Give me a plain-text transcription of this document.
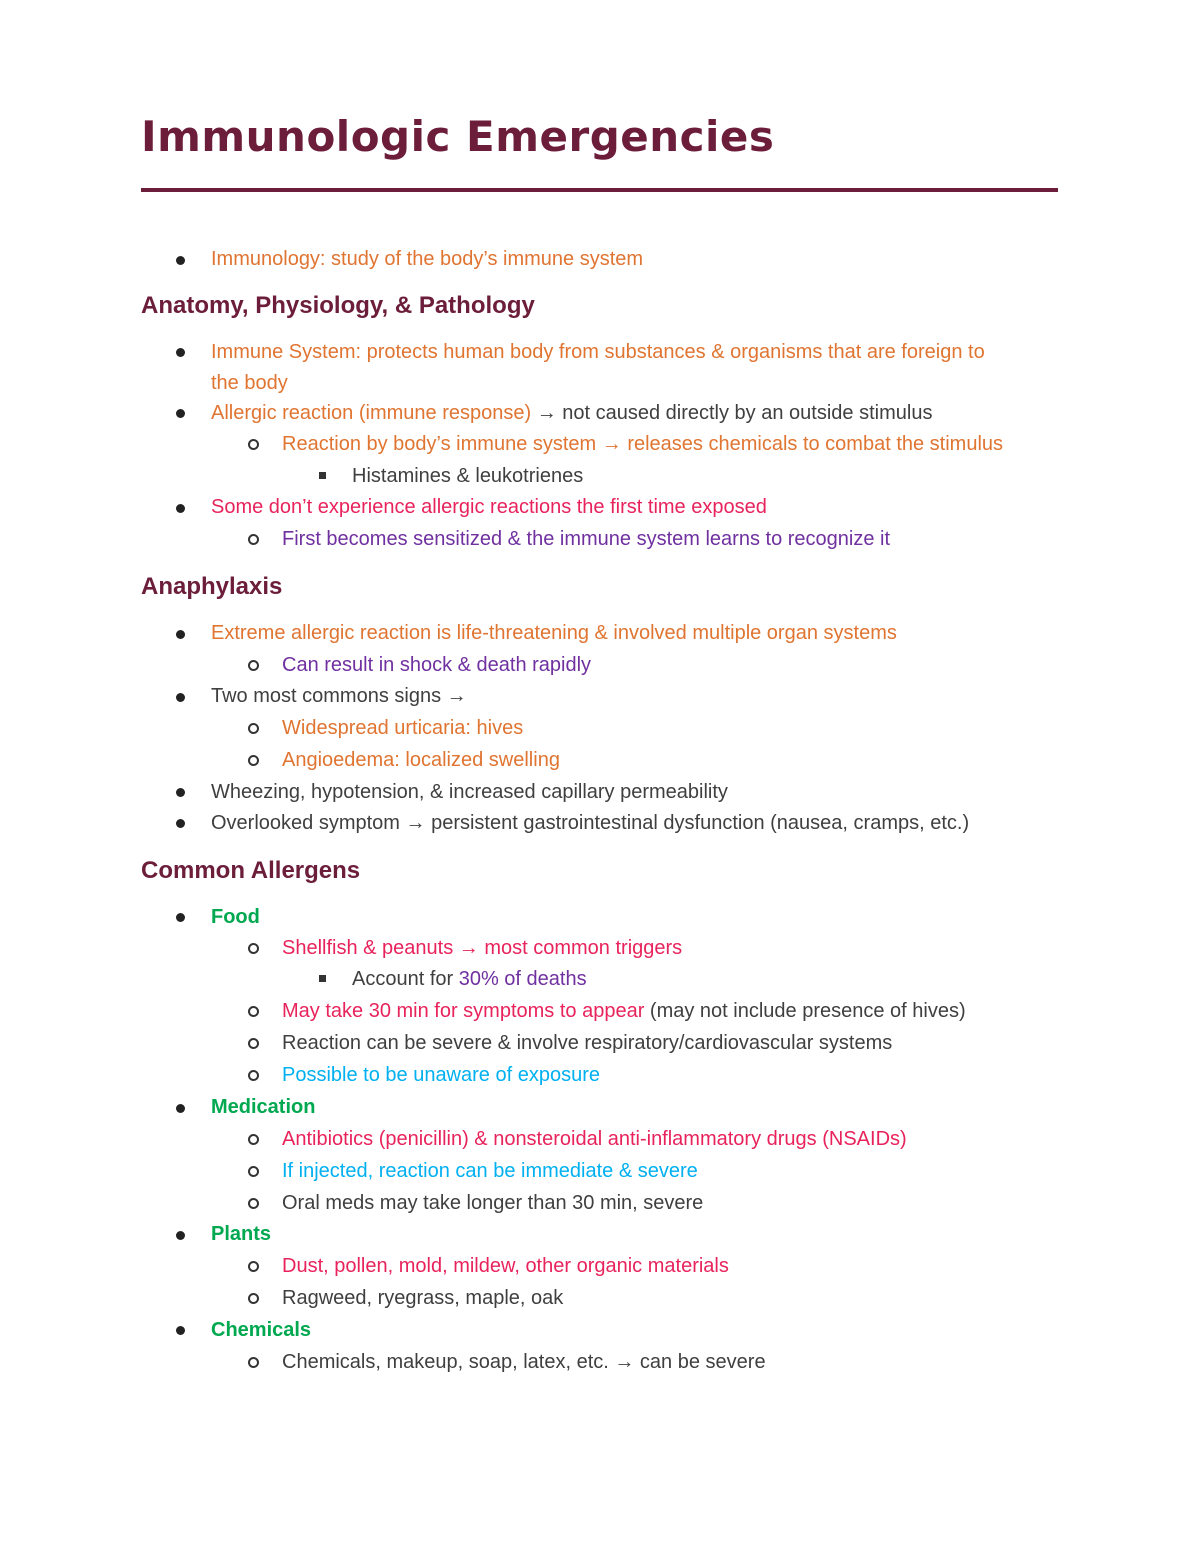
Immunologic Emergencies
Immunology: study of the body’s immune system
Anatomy, Physiology, & Pathology
Immune System: protects human body from substances & organisms that are foreign to
the body
Allergic reaction (immune response) → not caused directly by an outside stimulus
Reaction by body’s immune system → releases chemicals to combat the stimulus
Histamines & leukotrienes
Some don’t experience allergic reactions the first time exposed
First becomes sensitized & the immune system learns to recognize it
Anaphylaxis
Extreme allergic reaction is life-threatening & involved multiple organ systems
Can result in shock & death rapidly
Two most commons signs →
Widespread urticaria: hives
Angioedema: localized swelling
Wheezing, hypotension, & increased capillary permeability
Overlooked symptom → persistent gastrointestinal dysfunction (nausea, cramps, etc.)
Common Allergens
Food
Shellfish & peanuts → most common triggers
Account for 30% of deaths
May take 30 min for symptoms to appear (may not include presence of hives)
Reaction can be severe & involve respiratory/cardiovascular systems
Possible to be unaware of exposure
Medication
Antibiotics (penicillin) & nonsteroidal anti-inflammatory drugs (NSAIDs)
If injected, reaction can be immediate & severe
Oral meds may take longer than 30 min, severe
Plants
Dust, pollen, mold, mildew, other organic materials
Ragweed, ryegrass, maple, oak
Chemicals
Chemicals, makeup, soap, latex, etc. → can be severe
